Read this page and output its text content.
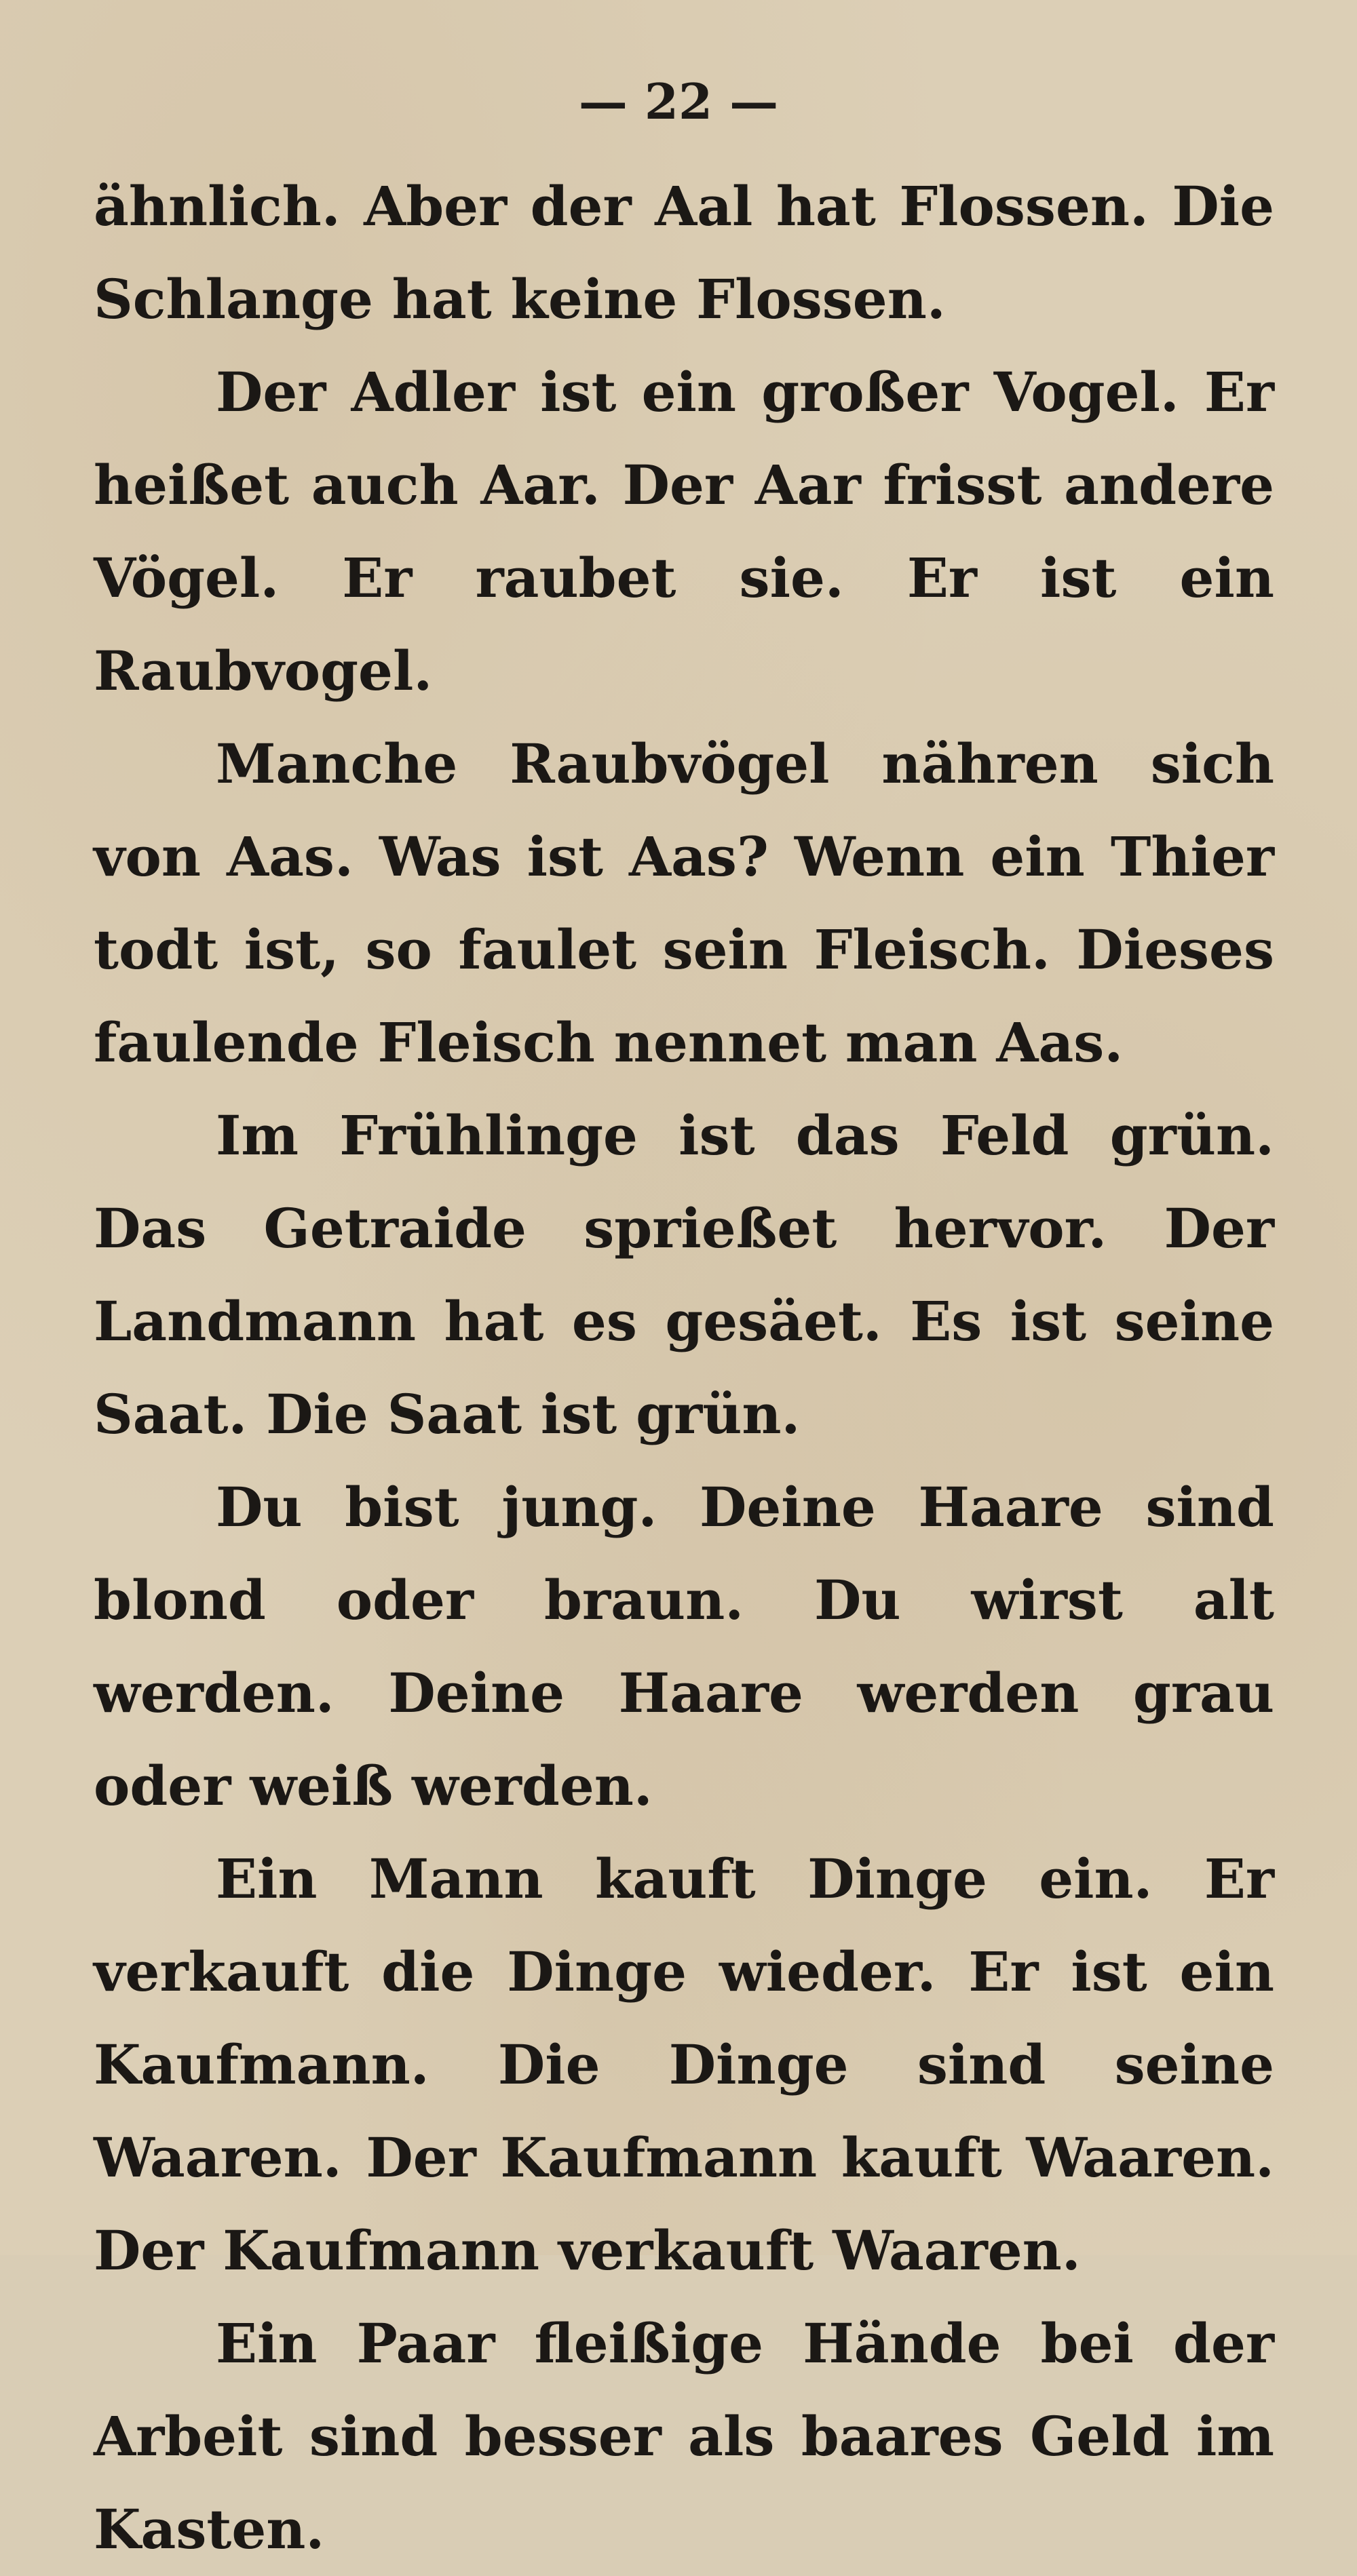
— 22 —

ähnlich. Aber der Aal hat Flossen. Die Schlange hat keine Flossen.

Der Adler ist ein großer Vogel. Er heißet auch Aar. Der Aar frisst andere Vögel. Er raubet sie. Er ist ein Raubvogel.

Manche Raubvögel nähren sich von Aas. Was ist Aas? Wenn ein Thier todt ist, so faulet sein Fleisch. Dieses faulende Fleisch nennet man Aas.

Im Frühlinge ist das Feld grün. Das Getraide sprießet hervor. Der Landmann hat es gesäet. Es ist seine Saat. Die Saat ist grün.

Du bist jung. Deine Haare sind blond oder braun. Du wirst alt werden. Deine Haare werden grau oder weiß werden.

Ein Mann kauft Dinge ein. Er verkauft die Dinge wieder. Er ist ein Kaufmann. Die Dinge sind seine Waaren. Der Kaufmann kauft Waaren. Der Kaufmann verkauft Waaren.

Ein Paar fleißige Hände bei der Arbeit sind besser als baares Geld im Kasten.
